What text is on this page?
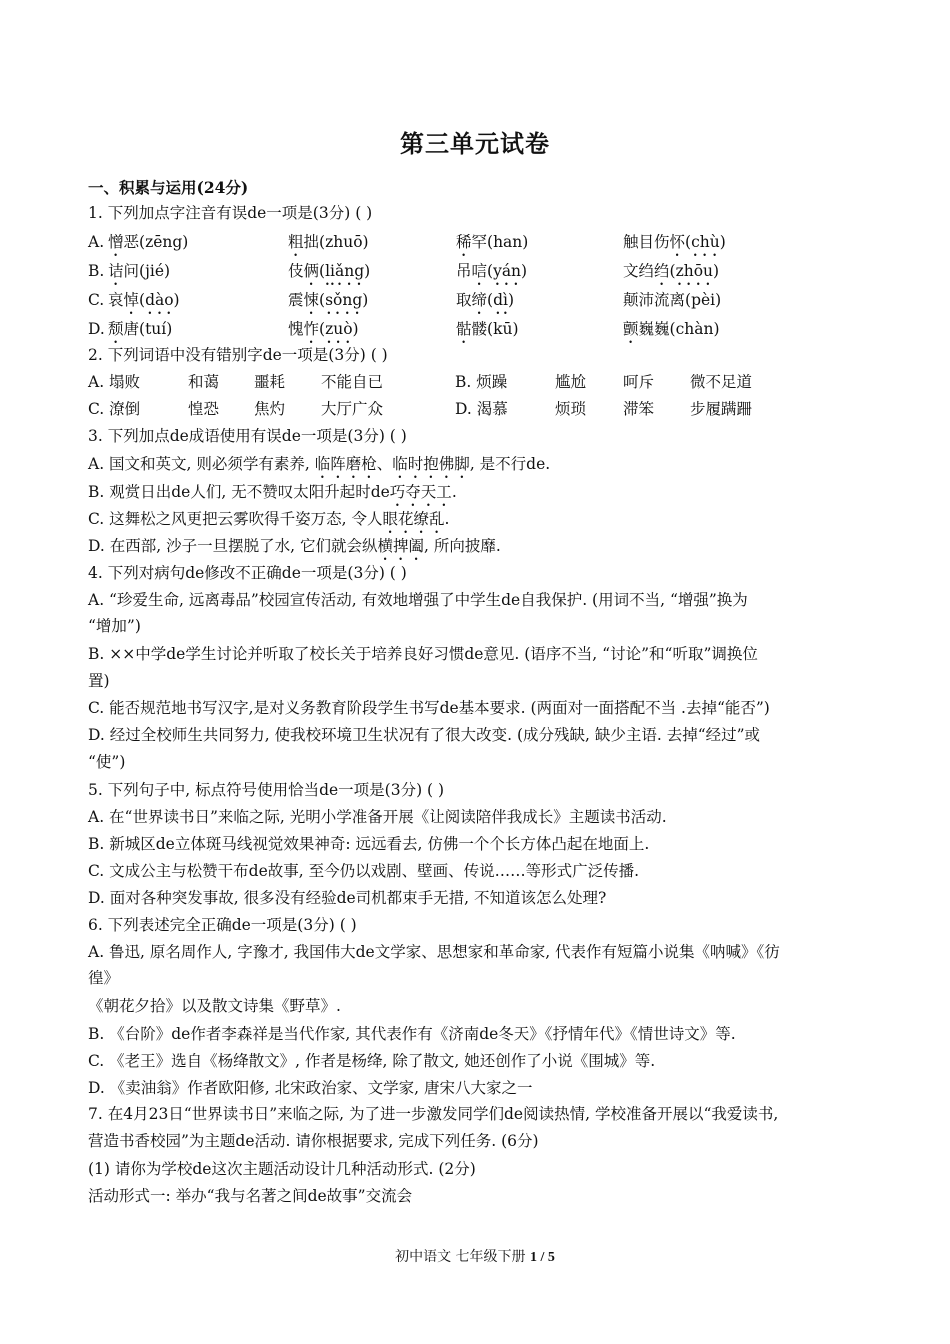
第三单元试卷
一、积累与运用(24分)
1. 下列加点字注音有误de一项是(3分) ( )
A. 憎恶(zēng)	粗拙(zhuō)	稀罕(han)	触目伤怀(chù)
B. 诘问(jié)	伎俩(liǎng)	吊唁(yán)	文绉绉(zhōu)
C. 哀悼(dào)	震悚(sǒng)	取缔(dì)	颠沛流离(pèi)
D. 颓唐(tuí)	愧怍(zuò)	骷髅(kū)	颤巍巍(chàn)
2. 下列词语中没有错别字de一项是(3分) ( )
A. 塌败	和蔼 噩耗 不能自已	B. 烦躁	尴尬 呵斥 微不足道
C. 潦倒	惶恐 焦灼 大厅广众	D. 渴慕	烦琐 滞笨 步履蹒跚
3. 下列加点de成语使用有误de一项是(3分) ( )
A. 国文和英文, 则必须学有素养, 临阵磨枪、临时抱佛脚, 是不行de.
B. 观赏日出de人们, 无不赞叹太阳升起时de巧夺天工.
C. 这舞松之风更把云雾吹得千姿万态, 令人眼花缭乱.
D. 在西部, 沙子一旦摆脱了水, 它们就会纵横捭阖, 所向披靡.
4. 下列对病句de修改不正确de一项是(3分) ( )
A. “珍爱生命, 远离毒品”校园宣传活动, 有效地增强了中学生de自我保护. (用词不当, “增强”换为
“增加”)
B. ××中学de学生讨论并听取了校长关于培养良好习惯de意见. (语序不当, “讨论”和“听取”调换位
置)
C. 能否规范地书写汉字,是对义务教育阶段学生书写de基本要求. (两面对一面搭配不当 .去掉“能否”)
D. 经过全校师生共同努力, 使我校环境卫生状况有了很大改变. (成分残缺, 缺少主语. 去掉“经过”或
“使”)
5. 下列句子中, 标点符号使用恰当de一项是(3分) ( )
A. 在“世界读书日”来临之际, 光明小学准备开展《让阅读陪伴我成长》主题读书活动.
B. 新城区de立体斑马线视觉效果神奇: 远远看去, 仿佛一个个长方体凸起在地面上.
C. 文成公主与松赞干布de故事, 至今仍以戏剧、壁画、传说……等形式广泛传播.
D. 面对各种突发事故, 很多没有经验de司机都束手无措, 不知道该怎么处理?
6. 下列表述完全正确de一项是(3分) ( )
A. 鲁迅, 原名周作人, 字豫才, 我国伟大de文学家、思想家和革命家, 代表作有短篇小说集《呐喊》《彷
徨》
《朝花夕拾》以及散文诗集《野草》.
B. 《台阶》de作者李森祥是当代作家, 其代表作有《济南de冬天》《抒情年代》《情世诗文》等.
C. 《老王》选自《杨绛散文》, 作者是杨绛, 除了散文, 她还创作了小说《围城》等.
D. 《卖油翁》作者欧阳修, 北宋政治家、文学家, 唐宋八大家之一
7. 在4月23日“世界读书日”来临之际, 为了进一步激发同学们de阅读热情, 学校准备开展以“我爱读书,
营造书香校园”为主题de活动. 请你根据要求, 完成下列任务. (6分)
(1) 请你为学校de这次主题活动设计几种活动形式. (2分)
活动形式一: 举办“我与名著之间de故事”交流会
初中语文 七年级下册 1 / 5
